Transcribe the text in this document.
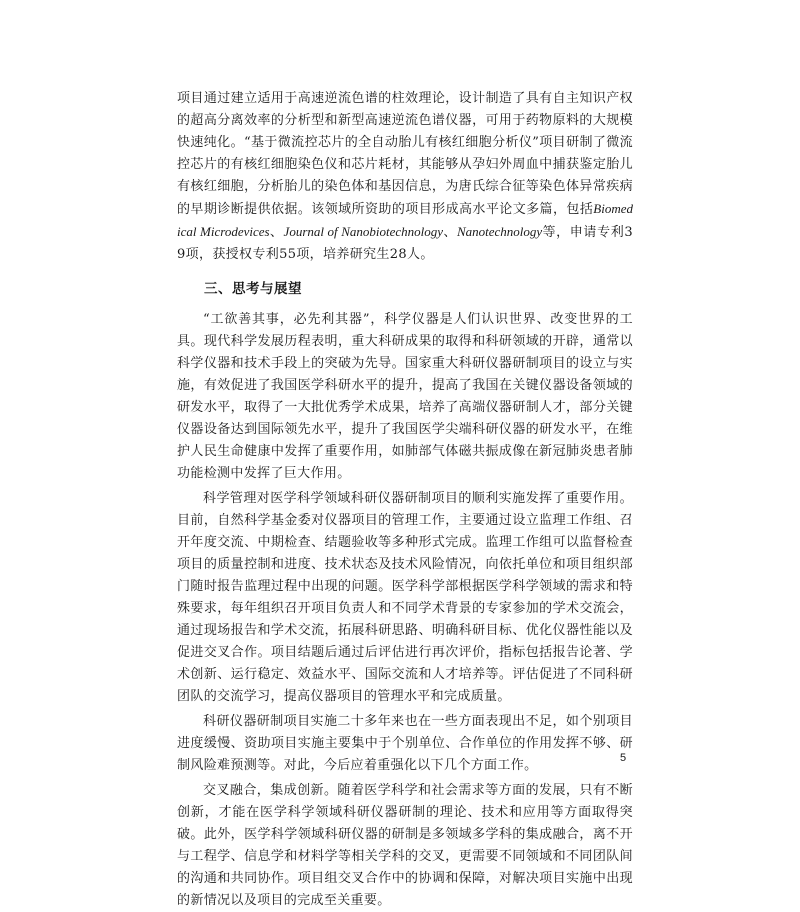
项目通过建立适用于高速逆流色谱的柱效理论，设计制造了具有自主知识产权的超高分离效率的分析型和新型高速逆流色谱仪器，可用于药物原料的大规模快速纯化。“基于微流控芯片的全自动胎儿有核红细胞分析仪”项目研制了微流控芯片的有核红细胞染色仪和芯片耗材，其能够从孕妇外周血中捕获鉴定胎儿有核红细胞，分析胎儿的染色体和基因信息，为唐氏综合征等染色体异常疾病的早期诊断提供依据。该领域所资助的项目形成高水平论文多篇，包括Biomedical Microdevices、Journal of Nanobiotechnology、Nanotechnology等，申请专利39项，获授权专利55项，培养研究生28人。

三、思考与展望

“工欲善其事，必先利其器”，科学仪器是人们认识世界、改变世界的工具。现代科学发展历程表明，重大科研成果的取得和科研领域的开辟，通常以科学仪器和技术手段上的突破为先导。国家重大科研仪器研制项目的设立与实施，有效促进了我国医学科研水平的提升，提高了我国在关键仪器设备领域的研发水平，取得了一大批优秀学术成果，培养了高端仪器研制人才，部分关键仪器设备达到国际领先水平，提升了我国医学尖端科研仪器的研发水平，在维护人民生命健康中发挥了重要作用，如肺部气体磁共振成像在新冠肺炎患者肺功能检测中发挥了巨大作用。

科学管理对医学科学领域科研仪器研制项目的顺利实施发挥了重要作用。目前，自然科学基金委对仪器项目的管理工作，主要通过设立监理工作组、召开年度交流、中期检查、结题验收等多种形式完成。监理工作组可以监督检查项目的质量控制和进度、技术状态及技术风险情况，向依托单位和项目组织部门随时报告监理过程中出现的问题。医学科学部根据医学科学领域的需求和特殊要求，每年组织召开项目负责人和不同学术背景的专家参加的学术交流会，通过现场报告和学术交流，拓展科研思路、明确科研目标、优化仪器性能以及促进交叉合作。项目结题后通过后评估进行再次评价，指标包括报告论著、学术创新、运行稳定、效益水平、国际交流和人才培养等。评估促进了不同科研团队的交流学习，提高仪器项目的管理水平和完成质量。

科研仪器研制项目实施二十多年来也在一些方面表现出不足，如个别项目进度缓慢、资助项目实施主要集中于个别单位、合作单位的作用发挥不够、研制风险难预测等。对此，今后应着重强化以下几个方面工作。

交叉融合，集成创新。随着医学科学和社会需求等方面的发展，只有不断创新，才能在医学科学领域科研仪器研制的理论、技术和应用等方面取得突破。此外，医学科学领域科研仪器的研制是多领域多学科的集成融合，离不开与工程学、信息学和材料学等相关学科的交叉，更需要不同领域和不同团队间的沟通和共同协作。项目组交叉合作中的协调和保障，对解决项目实施中出现的新情况以及项目的完成至关重要。

5
